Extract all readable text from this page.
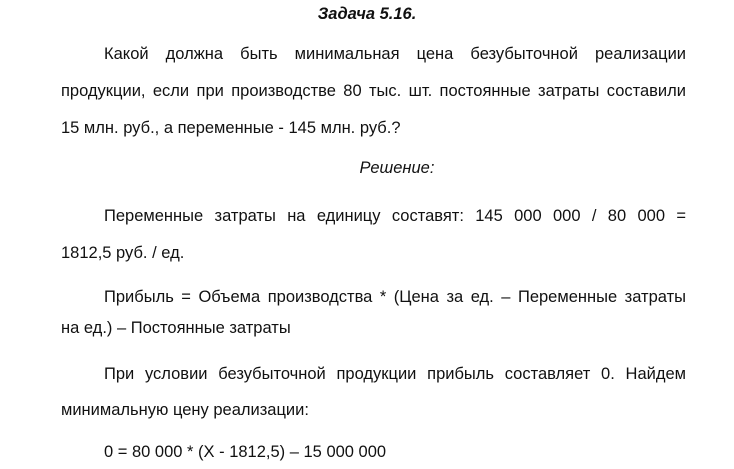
Задача 5.16.
Какой должна быть минимальная цена безубыточной реализации
продукции, если при производстве 80 тыс. шт. постоянные затраты составили
15 млн. руб., а переменные - 145 млн. руб.?
Решение:
Переменные затраты на единицу составят: 145 000 000 / 80 000 =
1812,5 руб. / ед.
Прибыль = Объема производства * (Цена за ед. – Переменные затраты
на ед.) – Постоянные затраты
При условии безубыточной продукции прибыль составляет 0. Найдем
минимальную цену реализации:
0 = 80 000 * (Х - 1812,5) – 15 000 000
